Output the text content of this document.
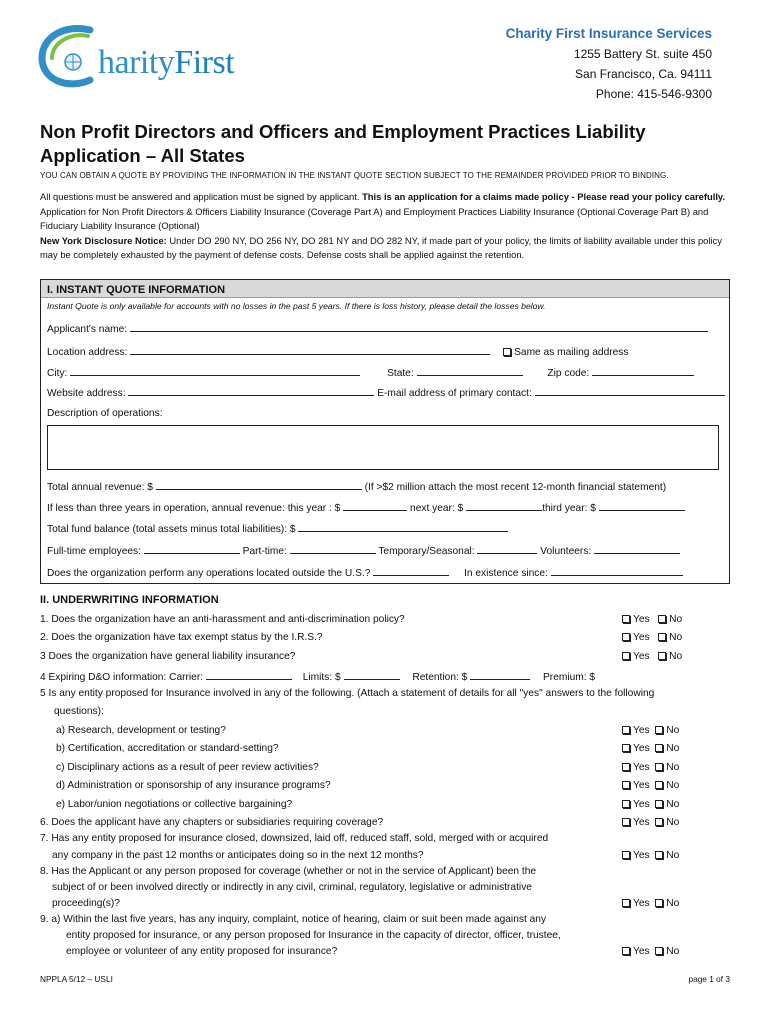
harityFirst
Charity First Insurance Services
1255 Battery St. suite 450
San Francisco, Ca. 94111
Phone: 415-546-9300
Non Profit Directors and Officers and Employment Practices Liability Application – All States
YOU CAN OBTAIN A QUOTE BY PROVIDING THE INFORMATION IN THE INSTANT QUOTE SECTION SUBJECT TO THE REMAINDER PROVIDED PRIOR TO BINDING.
All questions must be answered and application must be signed by applicant. This is an application for a claims made policy - Please read your policy carefully. Application for Non Profit Directors & Officers Liability Insurance (Coverage Part A) and Employment Practices Liability Insurance (Optional Coverage Part B) and Fiduciary Liability Insurance (Optional)
New York Disclosure Notice: Under DO 290 NY, DO 256 NY, DO 281 NY and DO 282 NY, if made part of your policy, the limits of liability available under this policy may be completely exhausted by the payment of defense costs. Defense costs shall be applied against the retention.
I. INSTANT QUOTE INFORMATION
Instant Quote is only available for accounts with no losses in the past 5 years. If there is loss history, please detail the losses below.
Applicant's name:
Location address:	Same as mailing address
City:	State:	Zip code:
Website address:	E-mail address of primary contact:
Description of operations:
Total annual revenue: $	(If >$2 million attach the most recent 12-month financial statement)
If less than three years in operation, annual revenue: this year : $	next year: $	third year: $
Total fund balance (total assets minus total liabilities): $
Full-time employees:	Part-time:	Temporary/Seasonal:	Volunteers:
Does the organization perform any operations located outside the U.S.?	In existence since:
II. UNDERWRITING INFORMATION
1. Does the organization have an anti-harassment and anti-discrimination policy?	Yes No
2. Does the organization have tax exempt status by the I.R.S.?	Yes No
3 Does the organization have general liability insurance?	Yes No
4 Expiring D&O information: Carrier:	Limits: $	Retention: $	Premium: $
5 Is any entity proposed for Insurance involved in any of the following. (Attach a statement of details for all "yes" answers to the following
questions):
a) Research, development or testing?	Yes No
b) Certification, accreditation or standard-setting?	Yes No
c) Disciplinary actions as a result of peer review activities?	Yes No
d) Administration or sponsorship of any insurance programs?	Yes No
e) Labor/union negotiations or collective bargaining?	Yes No
6. Does the applicant have any chapters or subsidiaries requiring coverage?	Yes No
7. Has any entity proposed for insurance closed, downsized, laid off, reduced staff, sold, merged with or acquired
any company in the past 12 months or anticipates doing so in the next 12 months?	Yes No
8. Has the Applicant or any person proposed for coverage (whether or not in the service of Applicant) been the
subject of or been involved directly or indirectly in any civil, criminal, regulatory, legislative or administrative
proceeding(s)?	Yes No
9. a) Within the last five years, has any inquiry, complaint, notice of hearing, claim or suit been made against any
entity proposed for insurance, or any person proposed for Insurance in the capacity of director, officer, trustee,
employee or volunteer of any entity proposed for insurance?	Yes No
NPPLA 5/12 – USLI	page 1 of 3
